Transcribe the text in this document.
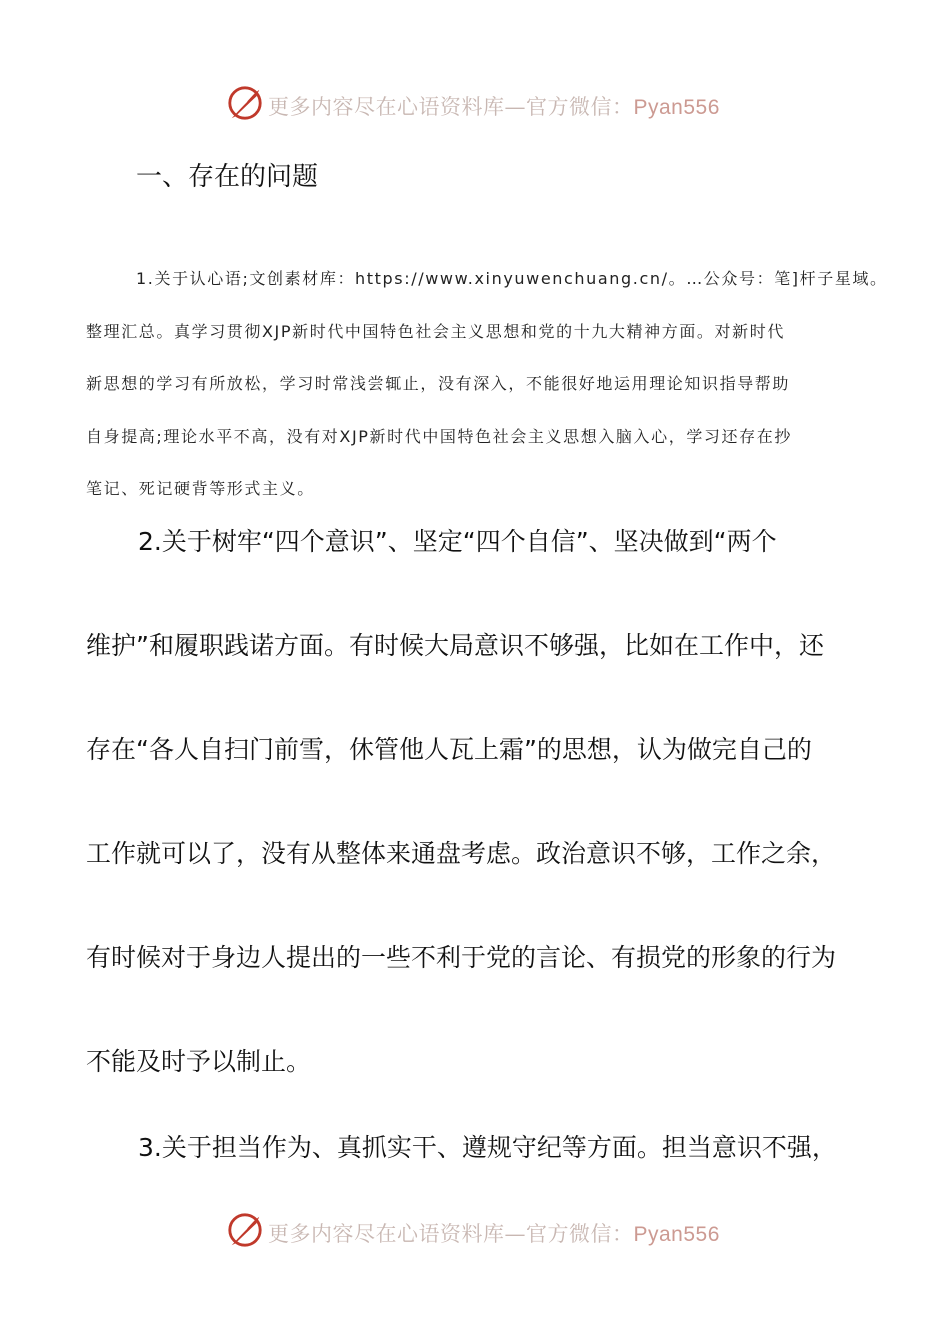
更多内容尽在心语资料库—官方微信：Pyan556
一、存在的问题
1.关于认心语;文创素材库：https://www.xinyuwenchuang.cn/。…公众号：笔]杆子星域。
整理汇总。真学习贯彻XJP新时代中国特色社会主义思想和党的十九大精神方面。对新时代
新思想的学习有所放松，学习时常浅尝辄止，没有深入，不能很好地运用理论知识指导帮助
自身提高;理论水平不高，没有对XJP新时代中国特色社会主义思想入脑入心，学习还存在抄
笔记、死记硬背等形式主义。
2.关于树牢“四个意识”、坚定“四个自信”、坚决做到“两个
维护”和履职践诺方面。有时候大局意识不够强，比如在工作中，还
存在“各人自扫门前雪，休管他人瓦上霜”的思想，认为做完自己的
工作就可以了，没有从整体来通盘考虑。政治意识不够，工作之余，
有时候对于身边人提出的一些不利于党的言论、有损党的形象的行为
不能及时予以制止。
3.关于担当作为、真抓实干、遵规守纪等方面。担当意识不强，
更多内容尽在心语资料库—官方微信：Pyan556
